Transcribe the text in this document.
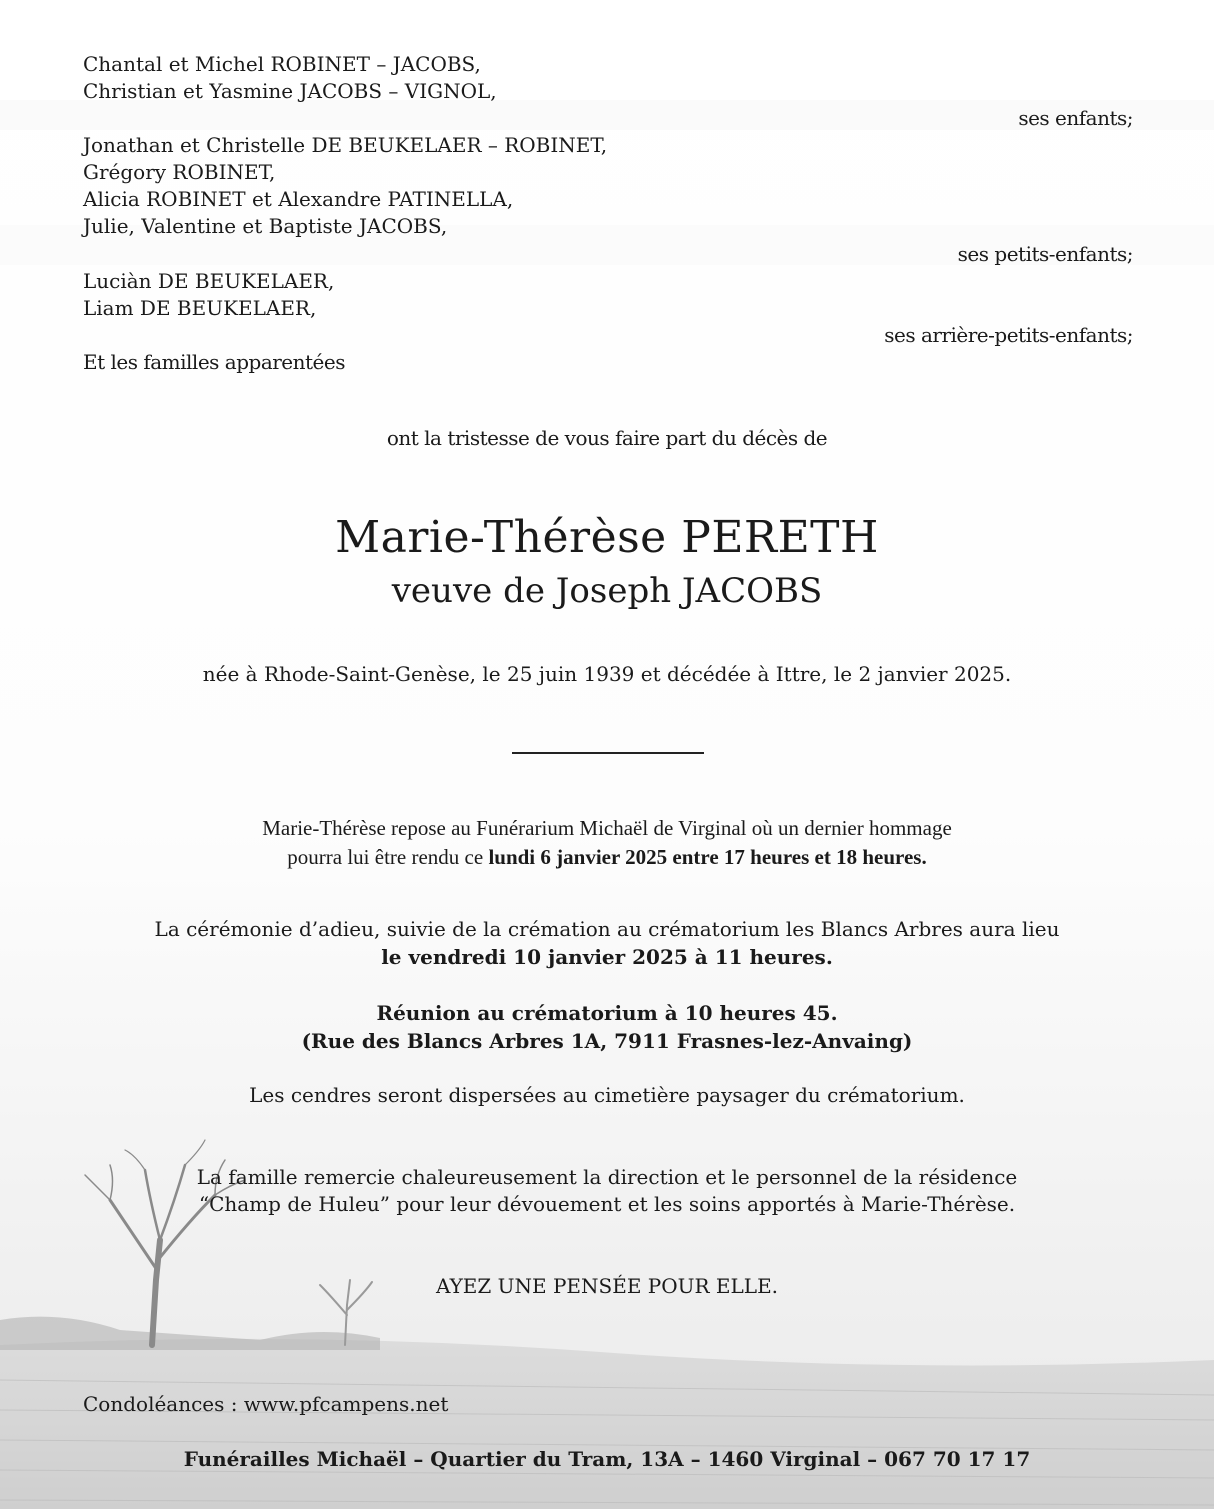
Chantal et Michel ROBINET – JACOBS,
Christian et Yasmine JACOBS – VIGNOL,
ses enfants;
Jonathan et Christelle DE BEUKELAER – ROBINET,
Grégory ROBINET,
Alicia ROBINET et Alexandre PATINELLA,
Julie, Valentine et Baptiste JACOBS,
ses petits-enfants;
Luciàn DE BEUKELAER,
Liam DE BEUKELAER,
ses arrière-petits-enfants;
Et les familles apparentées
ont la tristesse de vous faire part du décès de
Marie-Thérèse PERETH
veuve de Joseph JACOBS
née à Rhode-Saint-Genèse, le 25 juin 1939 et décédée à Ittre, le 2 janvier 2025.
Marie-Thérèse repose au Funérarium Michaël de Virginal où un dernier hommage
pourra lui être rendu ce lundi 6 janvier 2025 entre 17 heures et 18 heures.
La cérémonie d’adieu, suivie de la crémation au crématorium les Blancs Arbres aura lieu
le vendredi 10 janvier 2025 à 11 heures.
Réunion au crématorium à 10 heures 45.
(Rue des Blancs Arbres 1A, 7911 Frasnes-lez-Anvaing)
Les cendres seront dispersées au cimetière paysager du crématorium.
La famille remercie chaleureusement la direction et le personnel de la résidence
“Champ de Huleu” pour leur dévouement et les soins apportés à Marie-Thérèse.
AYEZ UNE PENSÉE POUR ELLE.
Condoléances : www.pfcampens.net
Funérailles Michaël – Quartier du Tram, 13A – 1460 Virginal – 067 70 17 17
